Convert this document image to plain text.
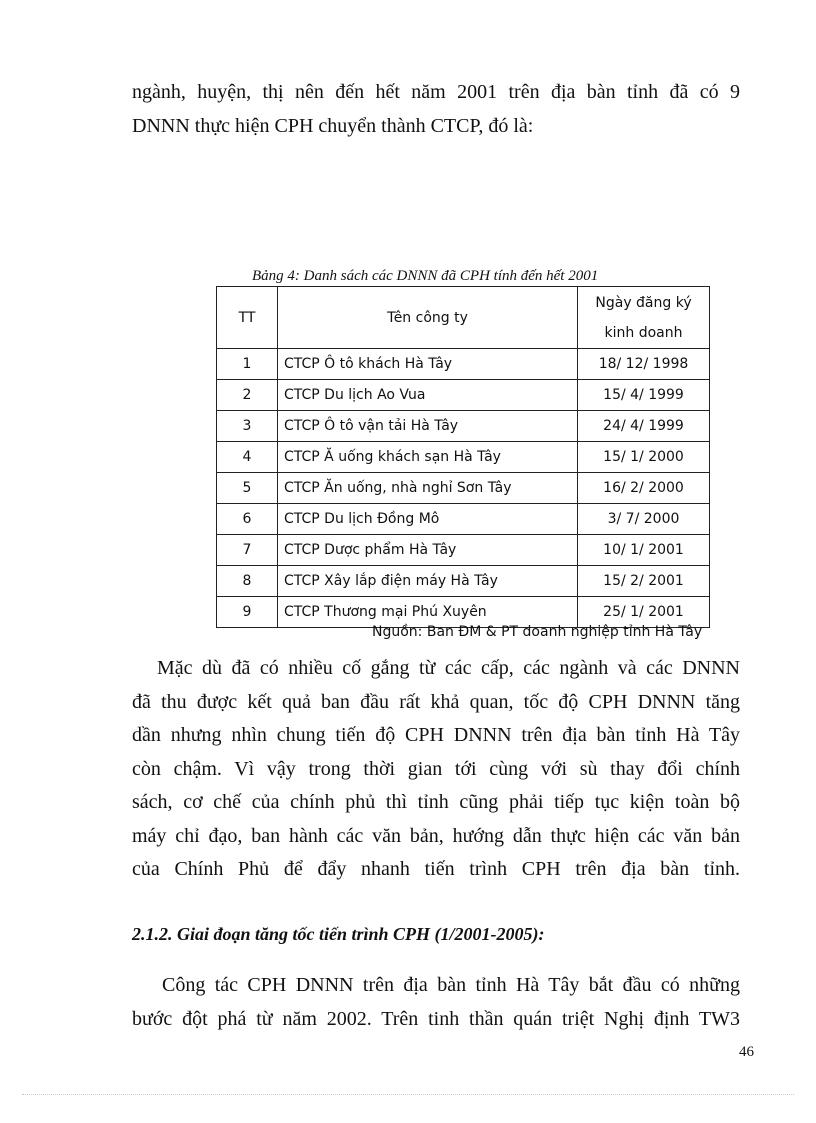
ngành, huyện, thị nên đến hết năm 2001 trên địa bàn tỉnh đã có 9
DNNN thực hiện CPH chuyển thành CTCP, đó là:
Bảng 4: Danh sách các DNNN đã CPH tính đến hết 2001
TT	Tên công ty	Ngày đăng ký
kinh doanh

1	CTCP Ô tô khách Hà Tây	18/ 12/ 1998
2	CTCP Du lịch Ao Vua	15/ 4/ 1999
3	CTCP Ô tô vận tải Hà Tây	24/ 4/ 1999
4	CTCP Ă uống khách sạn Hà Tây	15/ 1/ 2000
5	CTCP Ăn uống, nhà nghỉ Sơn Tây	16/ 2/ 2000
6	CTCP Du lịch Đồng Mô	3/ 7/ 2000
7	CTCP Dược phẩm Hà Tây	10/ 1/ 2001
8	CTCP Xây lắp điện máy Hà Tây	15/ 2/ 2001
9	CTCP Thương mại Phú Xuyên	25/ 1/ 2001
Nguồn: Ban ĐM & PT doanh nghiệp tỉnh Hà Tây
Mặc dù đã có nhiều cố gắng từ các cấp, các ngành và các DNNN
đã thu được kết quả ban đầu rất khả quan, tốc độ CPH DNNN tăng
dần nhưng nhìn chung tiến độ CPH DNNN trên địa bàn tỉnh Hà Tây
còn chậm. Vì vậy trong thời gian tới cùng với sù thay đổi chính
sách, cơ chế của chính phủ thì tỉnh cũng phải tiếp tục kiện toàn bộ
máy chỉ đạo, ban hành các văn bản, hướng dẫn thực hiện các văn bản
của Chính Phủ để đẩy nhanh tiến trình CPH trên địa bàn tỉnh.
2.1.2. Giai đoạn tăng tốc tiến trình CPH (1/2001-2005):
Công tác CPH DNNN trên địa bàn tỉnh Hà Tây bắt đầu có những
bước đột phá từ năm 2002. Trên tinh thần quán triệt Nghị định TW3
46
